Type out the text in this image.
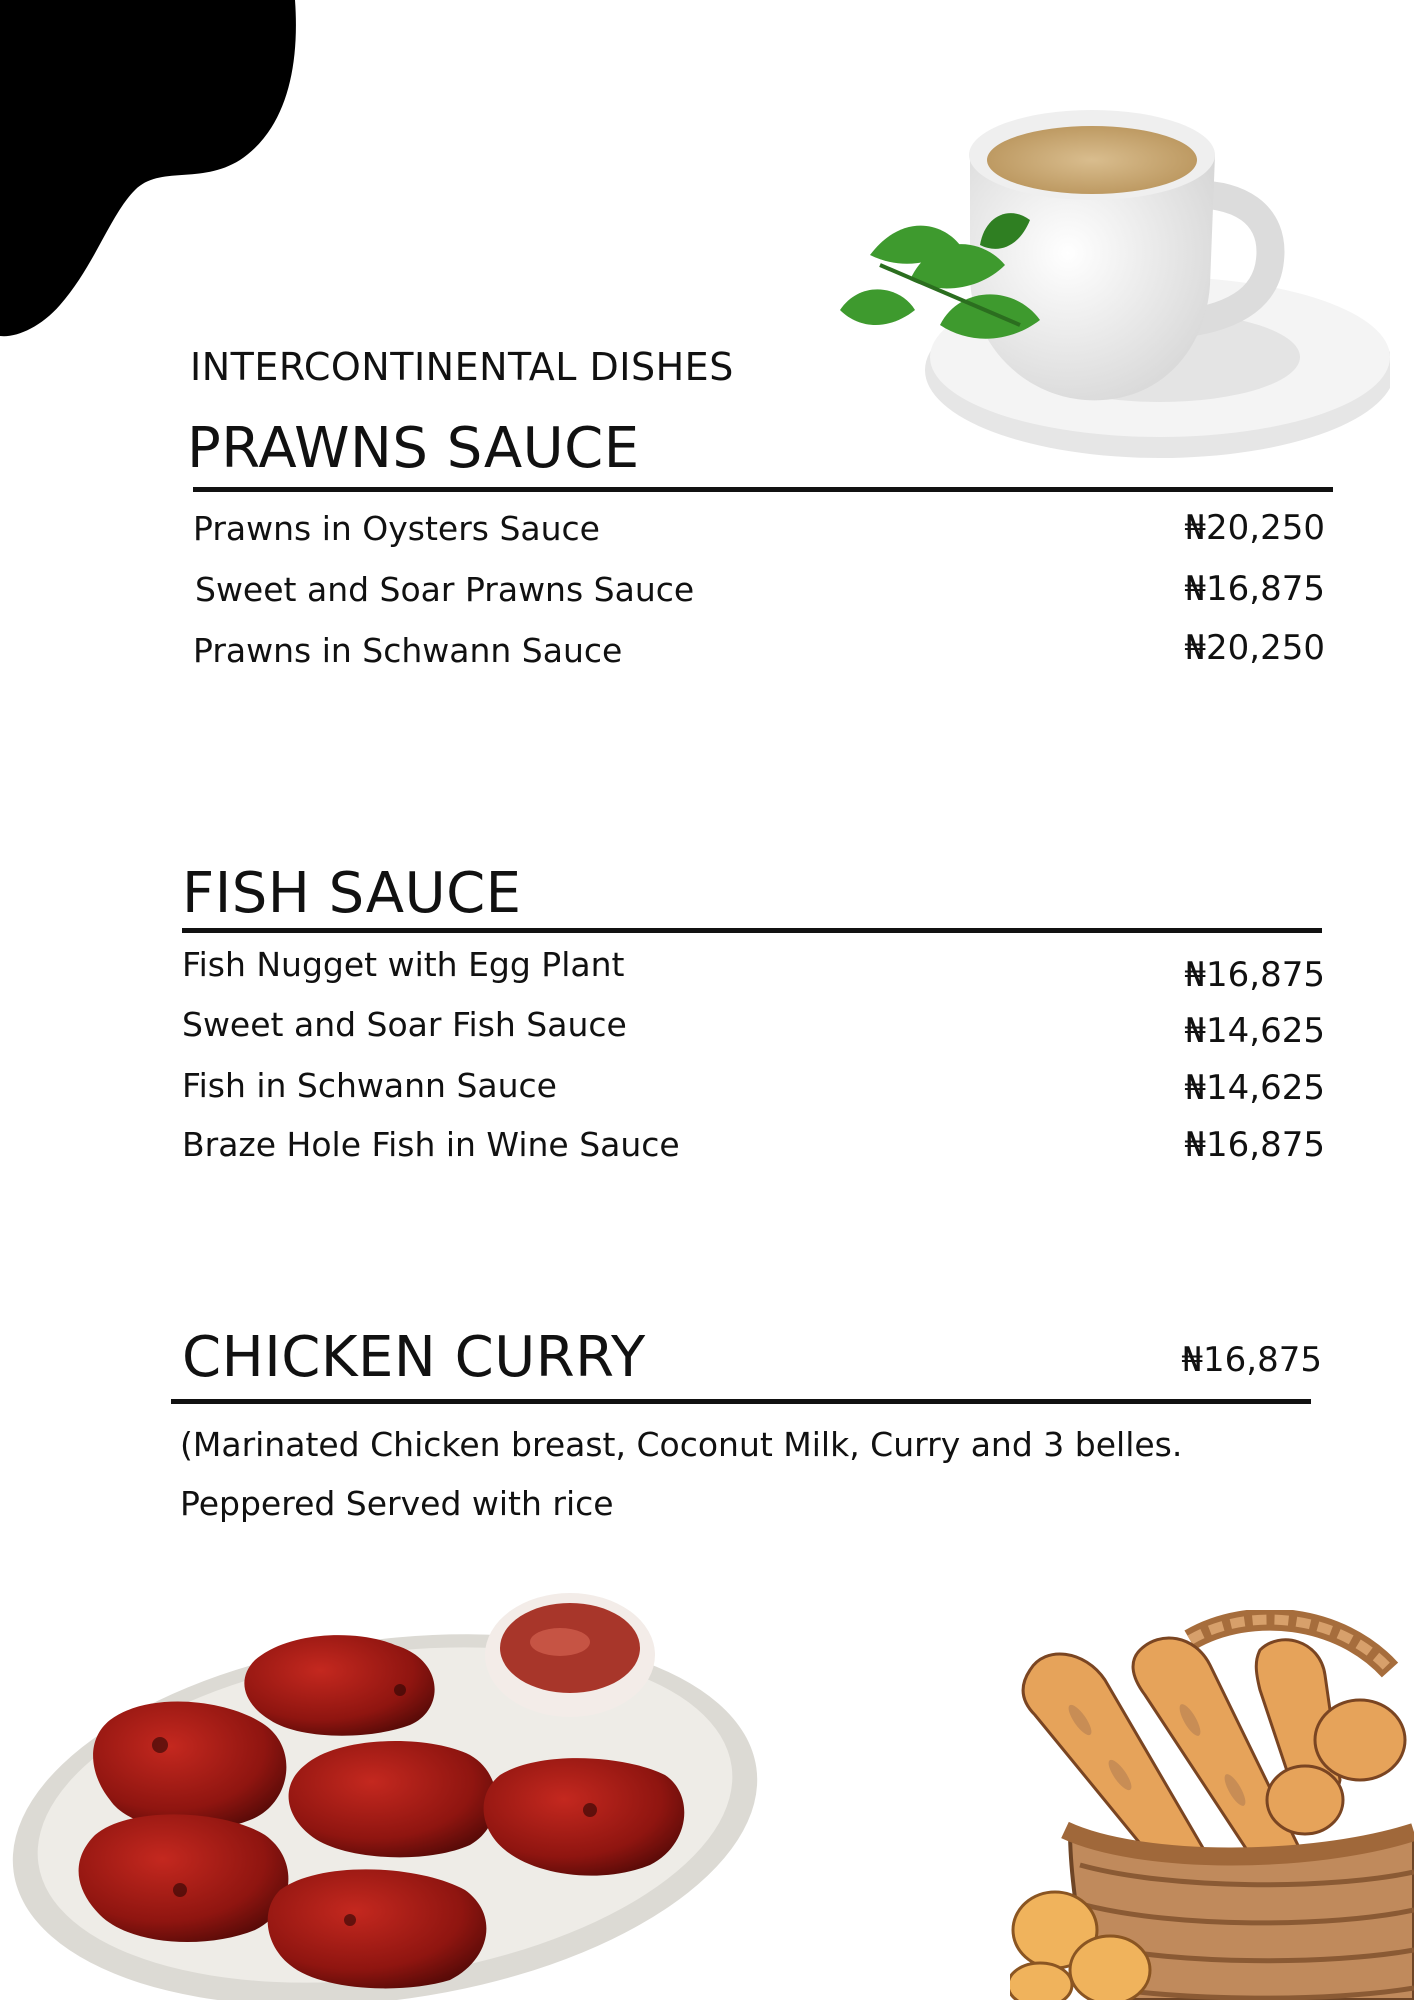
INTERCONTINENTAL DISHES
PRAWNS SAUCE
Prawns in Oysters Sauce	₦20,250
Sweet and Soar Prawns Sauce	₦16,875
Prawns in Schwann Sauce	₦20,250
FISH SAUCE
Fish Nugget with Egg Plant	₦16,875
Sweet and Soar Fish Sauce	₦14,625
Fish in Schwann Sauce	₦14,625
Braze Hole Fish in Wine Sauce	₦16,875
CHICKEN CURRY	₦16,875
(Marinated Chicken breast, Coconut Milk, Curry and 3 belles.
Peppered Served with rice
